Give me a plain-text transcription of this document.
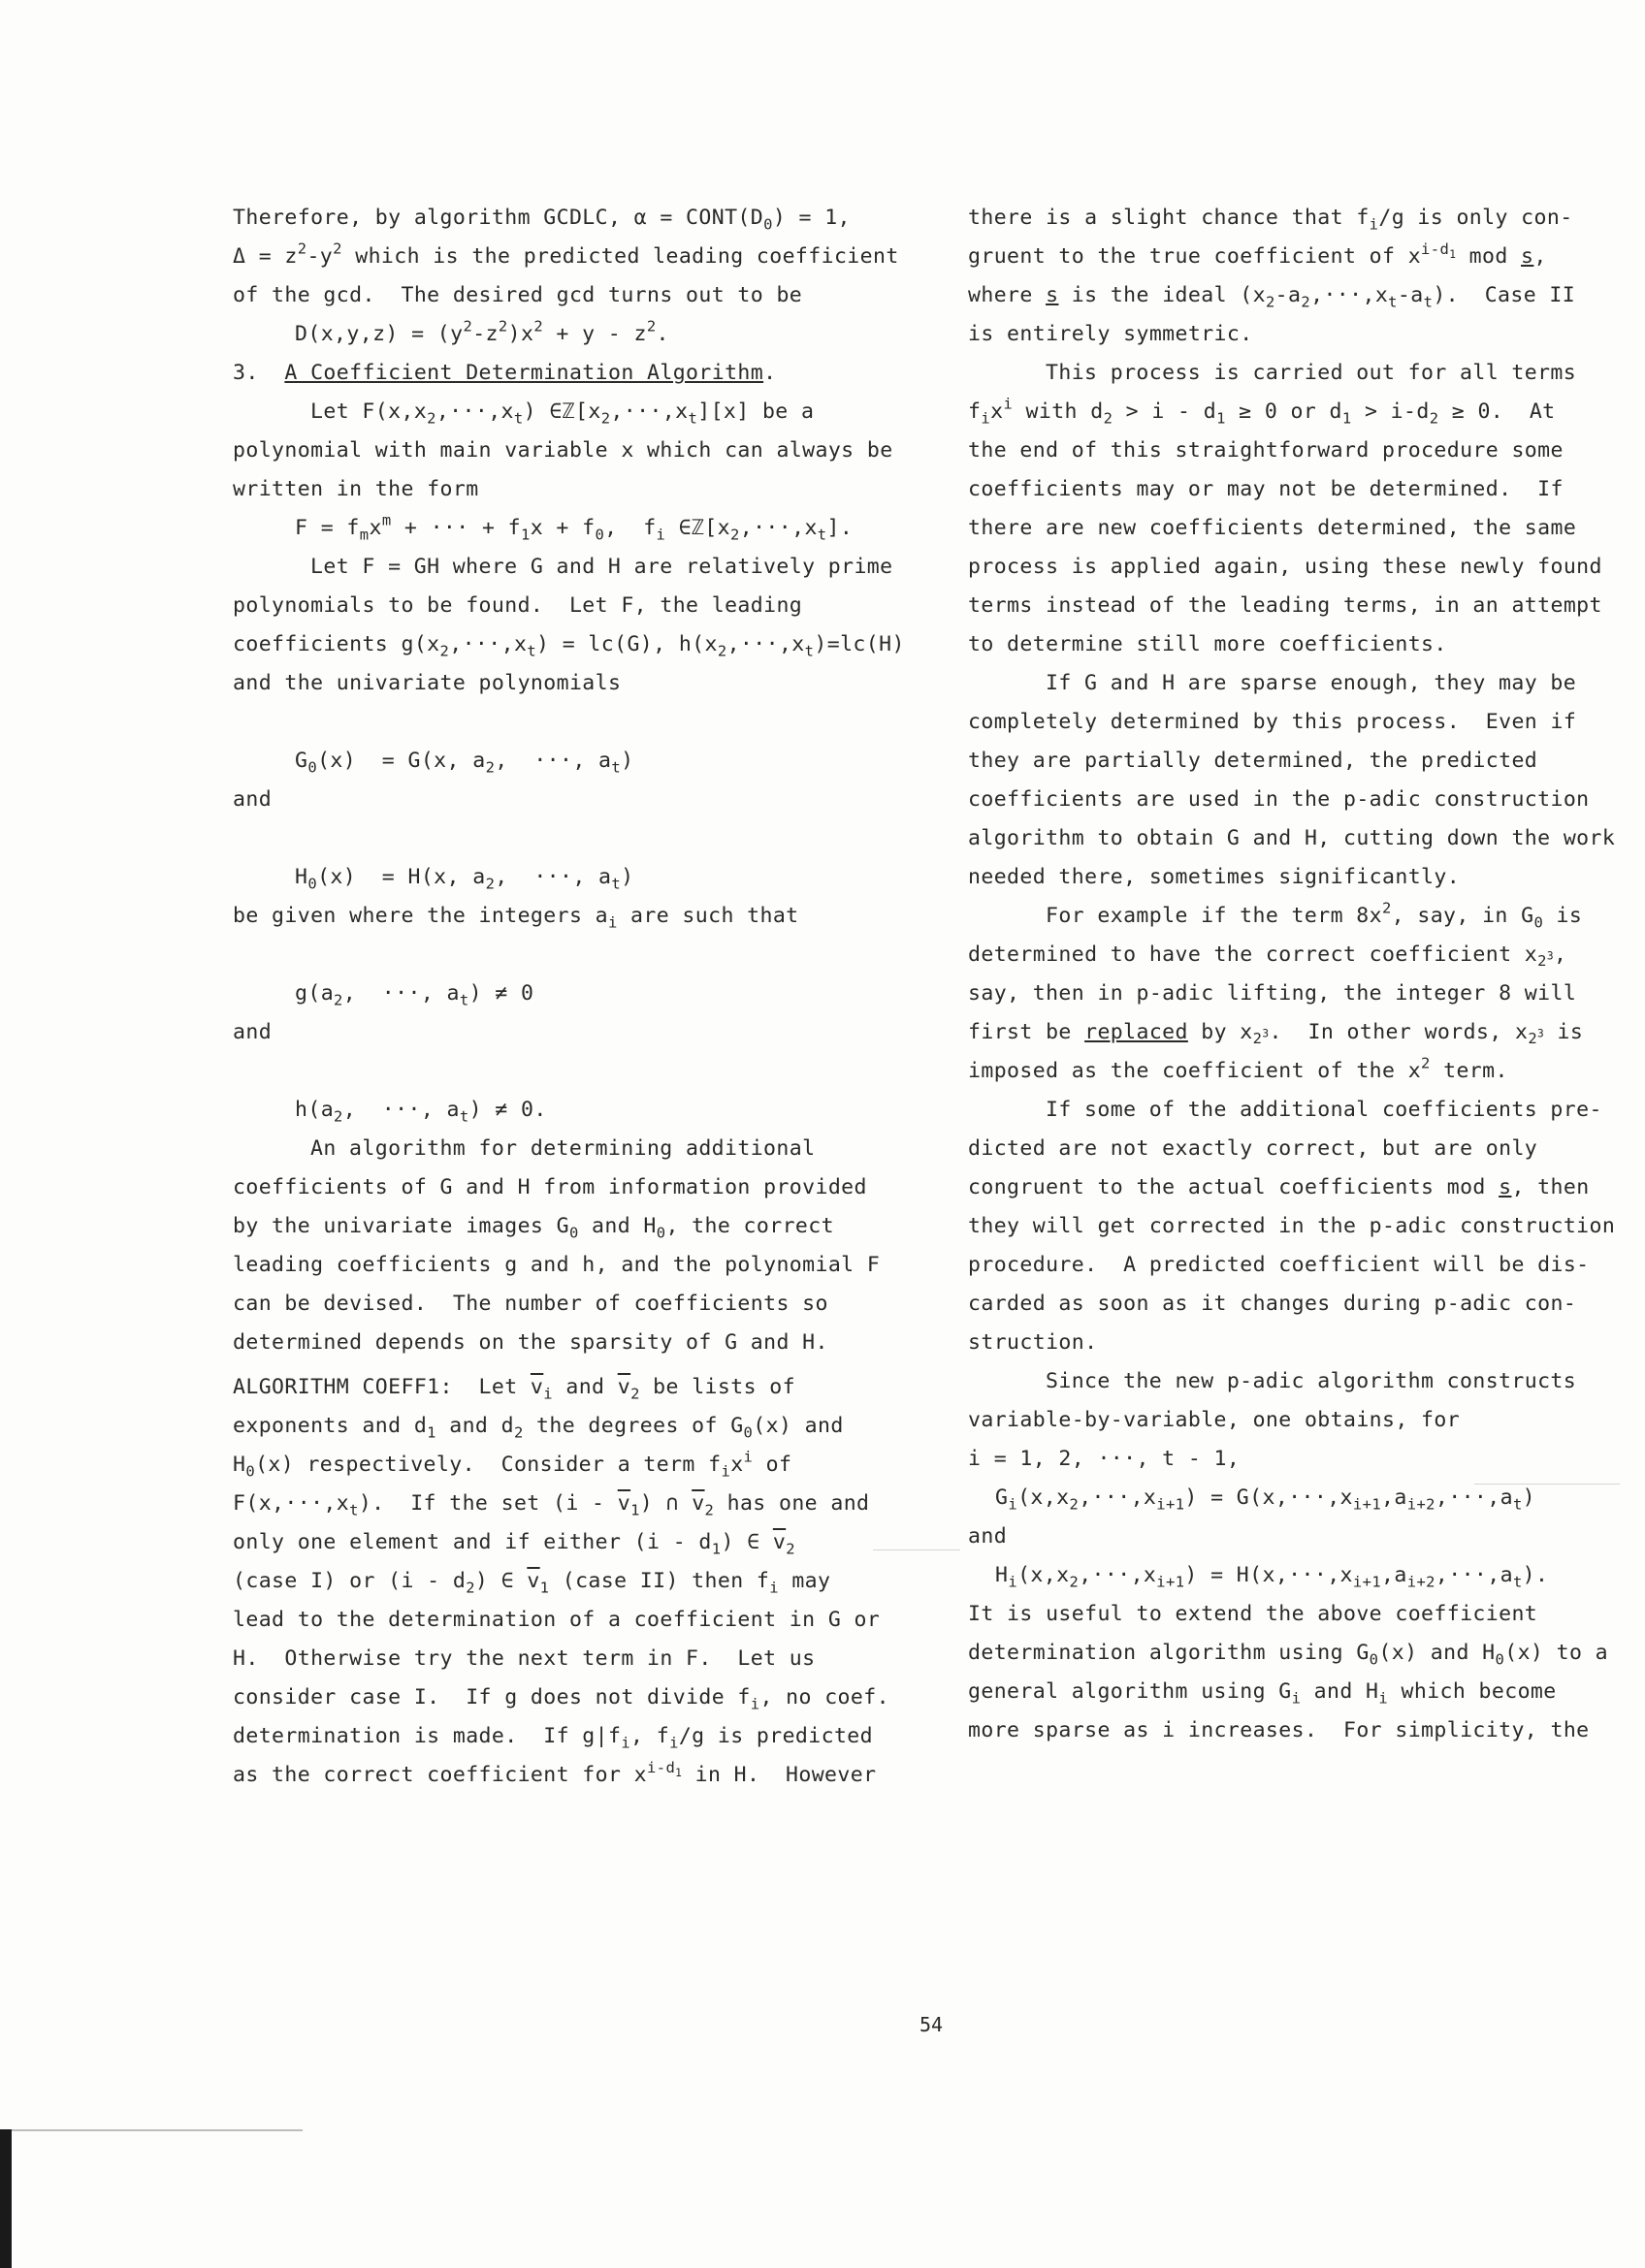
Therefore, by algorithm GCDLC, $\alpha = CONT(D_0) = 1$,
$\Delta = z^2-y^2$ which is the predicted leading coefficient
of the gcd.  The desired gcd turns out to be
$D(x,y,z) = (y^2-z^2)x^2 + y - z^2$.
3.  A Coefficient Determination Algorithm.
Let $F(x,x_2,\cdot\cdot\cdot,x_t)$ $\in ℤ[x_2,\cdot\cdot\cdot,x_t][x]$ be a
polynomial with main variable x which can always be
written in the form
$F = f_mx^m$ + ··· + $f_1x + f_0$,  $f_i$ $\in ℤ[x_2,\cdot\cdot\cdot,x_t]$.
Let F = GH where G and H are relatively prime
polynomials to be found.  Let F, the leading
coefficients $g(x_2,\cdot\cdot\cdot,x_t) = lc(G)$, $h(x_2,\cdot\cdot\cdot,x_t)=lc(H)$
and the univariate polynomials
$G_0(x) = G(x$, $a_2$,  ···, $a_t$)
and
$H_0(x) = H(x$, $a_2$,  ···, $a_t$)
be given where the integers $a_i$ are such that
$g(a_2$,  ···, $a_t) \ne 0$
and
$h(a_2$,  ···, $a_t) \ne 0$.
An algorithm for determining additional
coefficients of G and H from information provided
by the univariate images $G_0$ and $H_0$, the correct
leading coefficients g and h, and the polynomial F
can be devised.  The number of coefficients so
determined depends on the sparsity of G and H.
ALGORITHM COEFF1:  Let $\overline{v}_i$ and $\overline{v}_2$ be lists of
exponents and $d_1$ and $d_2$ the degrees of $G_0(x)$ and
$H_0(x)$ respectively.  Consider a term $f_ix^i$ of
$F(x,\cdot\cdot\cdot,x_t)$.  If the set $(i - \overline{v}_1)$ ∩ $\overline{v}_2$ has one and
only one element and if either $(i - d_1)$ ∈ $\overline{v}_2$
(case I) or $(i - d_2)$ ∈ $\overline{v}_1$ (case II) then $f_i$ may
lead to the determination of a coefficient in G or
H.  Otherwise try the next term in F.  Let us
consider case I.  If g does not divide $f_i$, no coef.
determination is made.  If $g|f_i$, $f_i/g$ is predicted
as the correct coefficient for $x^{i-d_1}$ in H.  However
there is a slight chance that $f_i/g$ is only con-
gruent to the true coefficient of $x^{i-d_1}$ mod s,
where s is the ideal $(x_2-a_2,\cdot\cdot\cdot,x_t-a_t)$.  Case II
is entirely symmetric.
This process is carried out for all terms
$f_ix^i$ with $d_2 > i - d_1 \ge 0$ or $d_1 > i-d_2 \ge 0$.  At
the end of this straightforward procedure some
coefficients may or may not be determined.  If
there are new coefficients determined, the same
process is applied again, using these newly found
terms instead of the leading terms, in an attempt
to determine still more coefficients.
If G and H are sparse enough, they may be
completely determined by this process.  Even if
they are partially determined, the predicted
coefficients are used in the p-adic construction
algorithm to obtain G and H, cutting down the work
needed there, sometimes significantly.
For example if the term $8x^2$, say, in $G_0$ is
determined to have the correct coefficient $x_{2^3}$,
say, then in p-adic lifting, the integer 8 will
first be replaced by $x_{2^3}$.  In other words, $x_{2^3}$ is
imposed as the coefficient of the $x^2$ term.
If some of the additional coefficients pre-
dicted are not exactly correct, but are only
congruent to the actual coefficients mod s, then
they will get corrected in the p-adic construction
procedure.  A predicted coefficient will be dis-
carded as soon as it changes during p-adic con-
struction.
Since the new p-adic algorithm constructs
variable-by-variable, one obtains, for
i = 1, 2, ···, t - 1,
$G_i(x,x_2,\cdot\cdot\cdot,x_{i+1}) = G(x,\cdot\cdot\cdot,x_{i+1},a_{i+2},\cdot\cdot\cdot,a_t)$
and
$H_i(x,x_2,\cdot\cdot\cdot,x_{i+1}) = H(x,\cdot\cdot\cdot,x_{i+1},a_{i+2},\cdot\cdot\cdot,a_t)$.
It is useful to extend the above coefficient
determination algorithm using $G_0(x)$ and $H_0(x)$ to a
general algorithm using $G_i$ and $H_i$ which become
more sparse as i increases.  For simplicity, the
54
